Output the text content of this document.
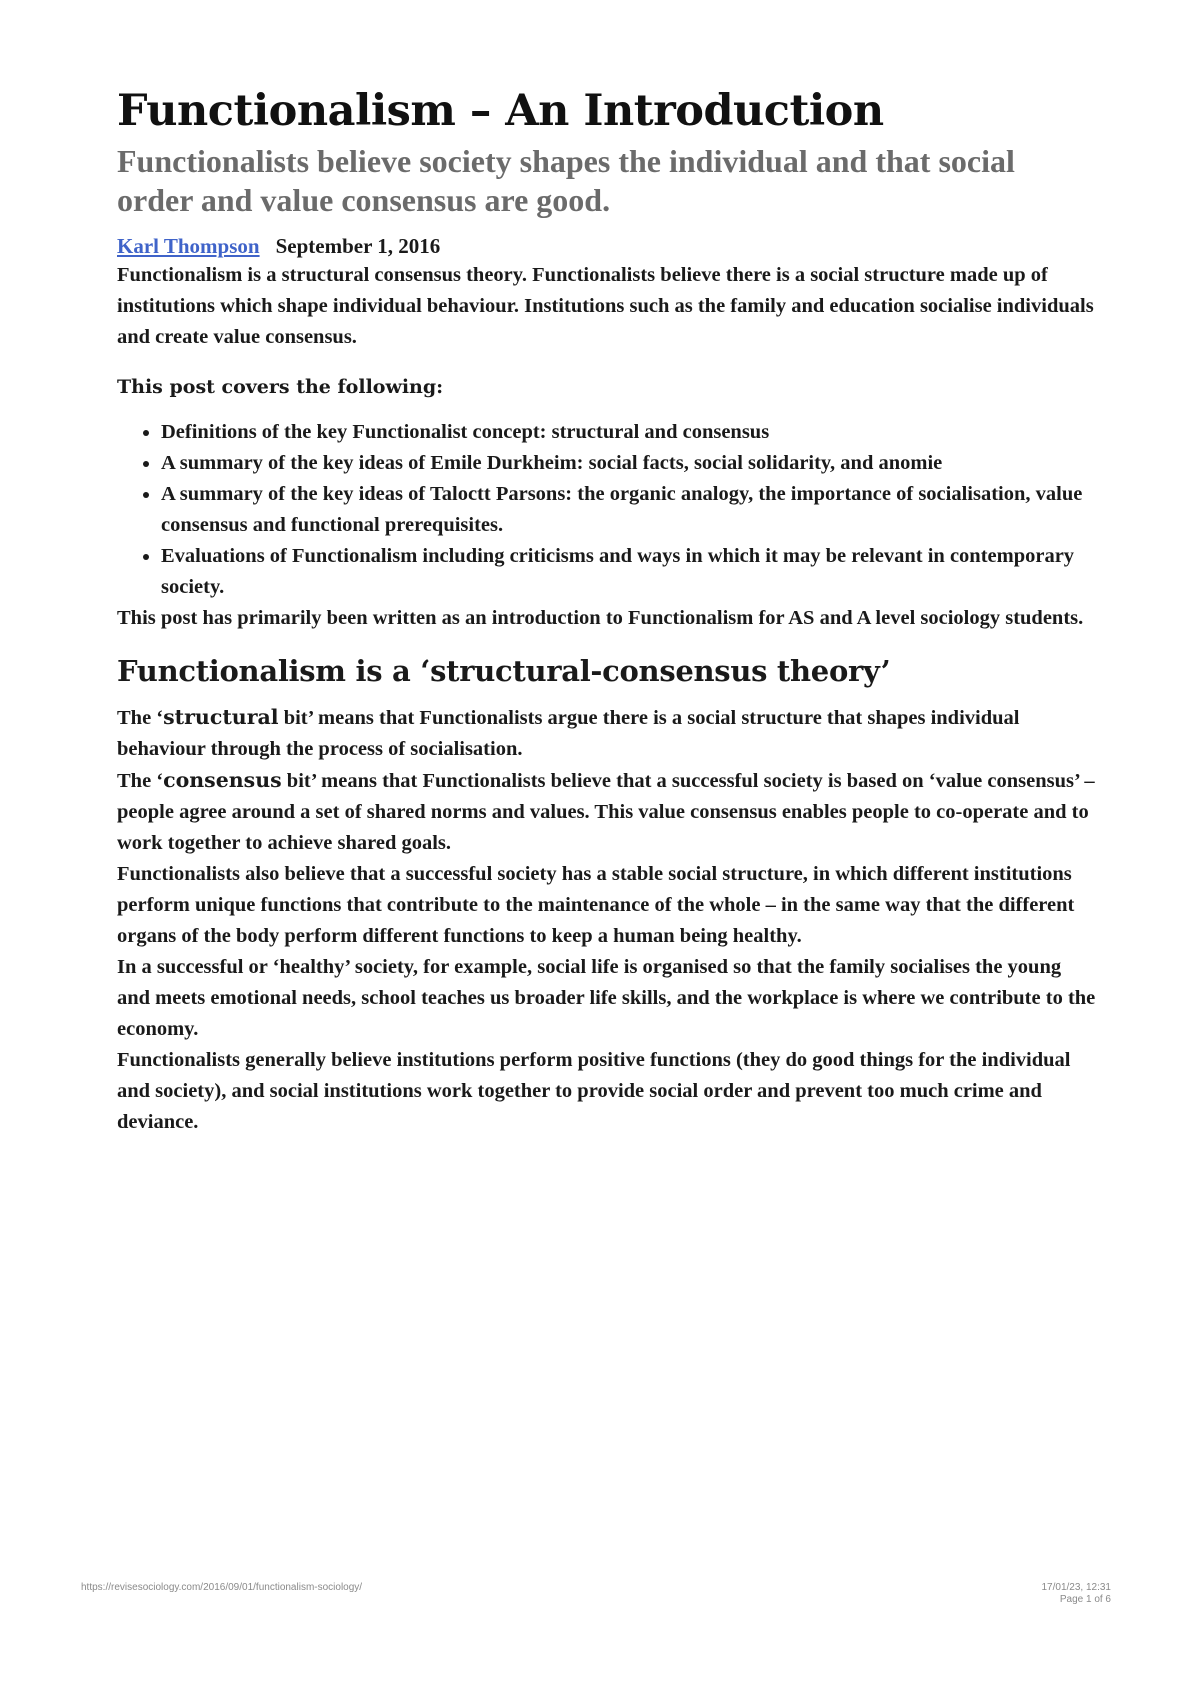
Functionalism – An Introduction
Functionalists believe society shapes the individual and that social order and value consensus are good.
Karl Thompson September 1, 2016

Functionalism is a structural consensus theory. Functionalists believe there is a social structure made up of institutions which shape individual behaviour. Institutions such as the family and education socialise individuals and create value consensus.

This post covers the following:
• Definitions of the key Functionalist concept: structural and consensus
• A summary of the key ideas of Emile Durkheim: social facts, social solidarity, and anomie
• A summary of the key ideas of Taloctt Parsons: the organic analogy, the importance of socialisation, value consensus and functional prerequisites.
• Evaluations of Functionalism including criticisms and ways in which it may be relevant in contemporary society.

This post has primarily been written as an introduction to Functionalism for AS and A level sociology students.

Functionalism is a ‘structural-consensus theory’

The ‘structural bit’ means that Functionalists argue there is a social structure that shapes individual behaviour through the process of socialisation.

The ‘consensus bit’ means that Functionalists believe that a successful society is based on ‘value consensus’ – people agree around a set of shared norms and values. This value consensus enables people to co-operate and to work together to achieve shared goals.

Functionalists also believe that a successful society has a stable social structure, in which different institutions perform unique functions that contribute to the maintenance of the whole – in the same way that the different organs of the body perform different functions to keep a human being healthy.

In a successful or ‘healthy’ society, for example, social life is organised so that the family socialises the young and meets emotional needs, school teaches us broader life skills, and the workplace is where we contribute to the economy.

Functionalists generally believe institutions perform positive functions (they do good things for the individual and society), and social institutions work together to provide social order and prevent too much crime and deviance.

https://revisesociology.com/2016/09/01/functionalism-sociology/	17/01/23, 12:31
Page 1 of 6
